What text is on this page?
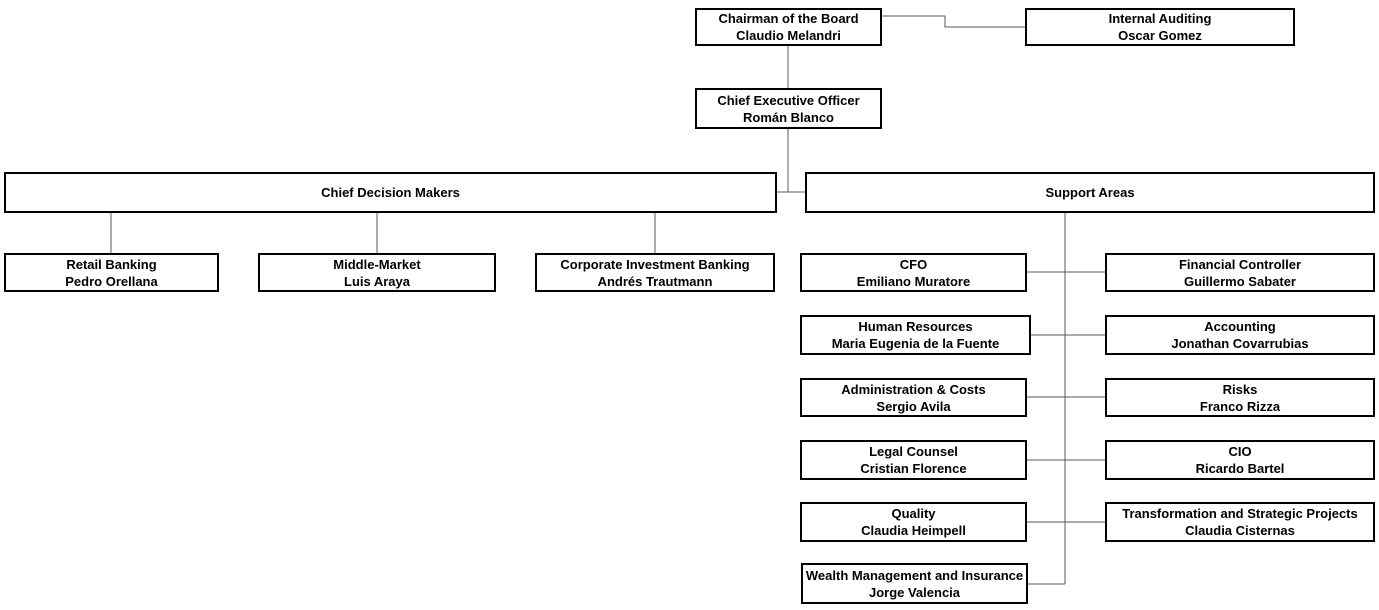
Chairman of the Board
Claudio Melandri
Internal Auditing
Oscar Gomez
Chief Executive Officer
Román Blanco
Chief Decision Makers	Support Areas
Retail Banking
Pedro Orellana
Middle-Market
Luis Araya
Corporate Investment Banking
Andrés Trautmann
CFO
Emiliano Muratore
Financial Controller
Guillermo Sabater
Human Resources
Maria Eugenia de la Fuente
Accounting
Jonathan Covarrubias
Administration & Costs
Sergio Avila
Risks
Franco Rizza
Legal Counsel
Cristian Florence
CIO
Ricardo Bartel
Quality
Claudia Heimpell
Transformation and Strategic Projects
Claudia Cisternas
Wealth Management and Insurance
Jorge Valencia
